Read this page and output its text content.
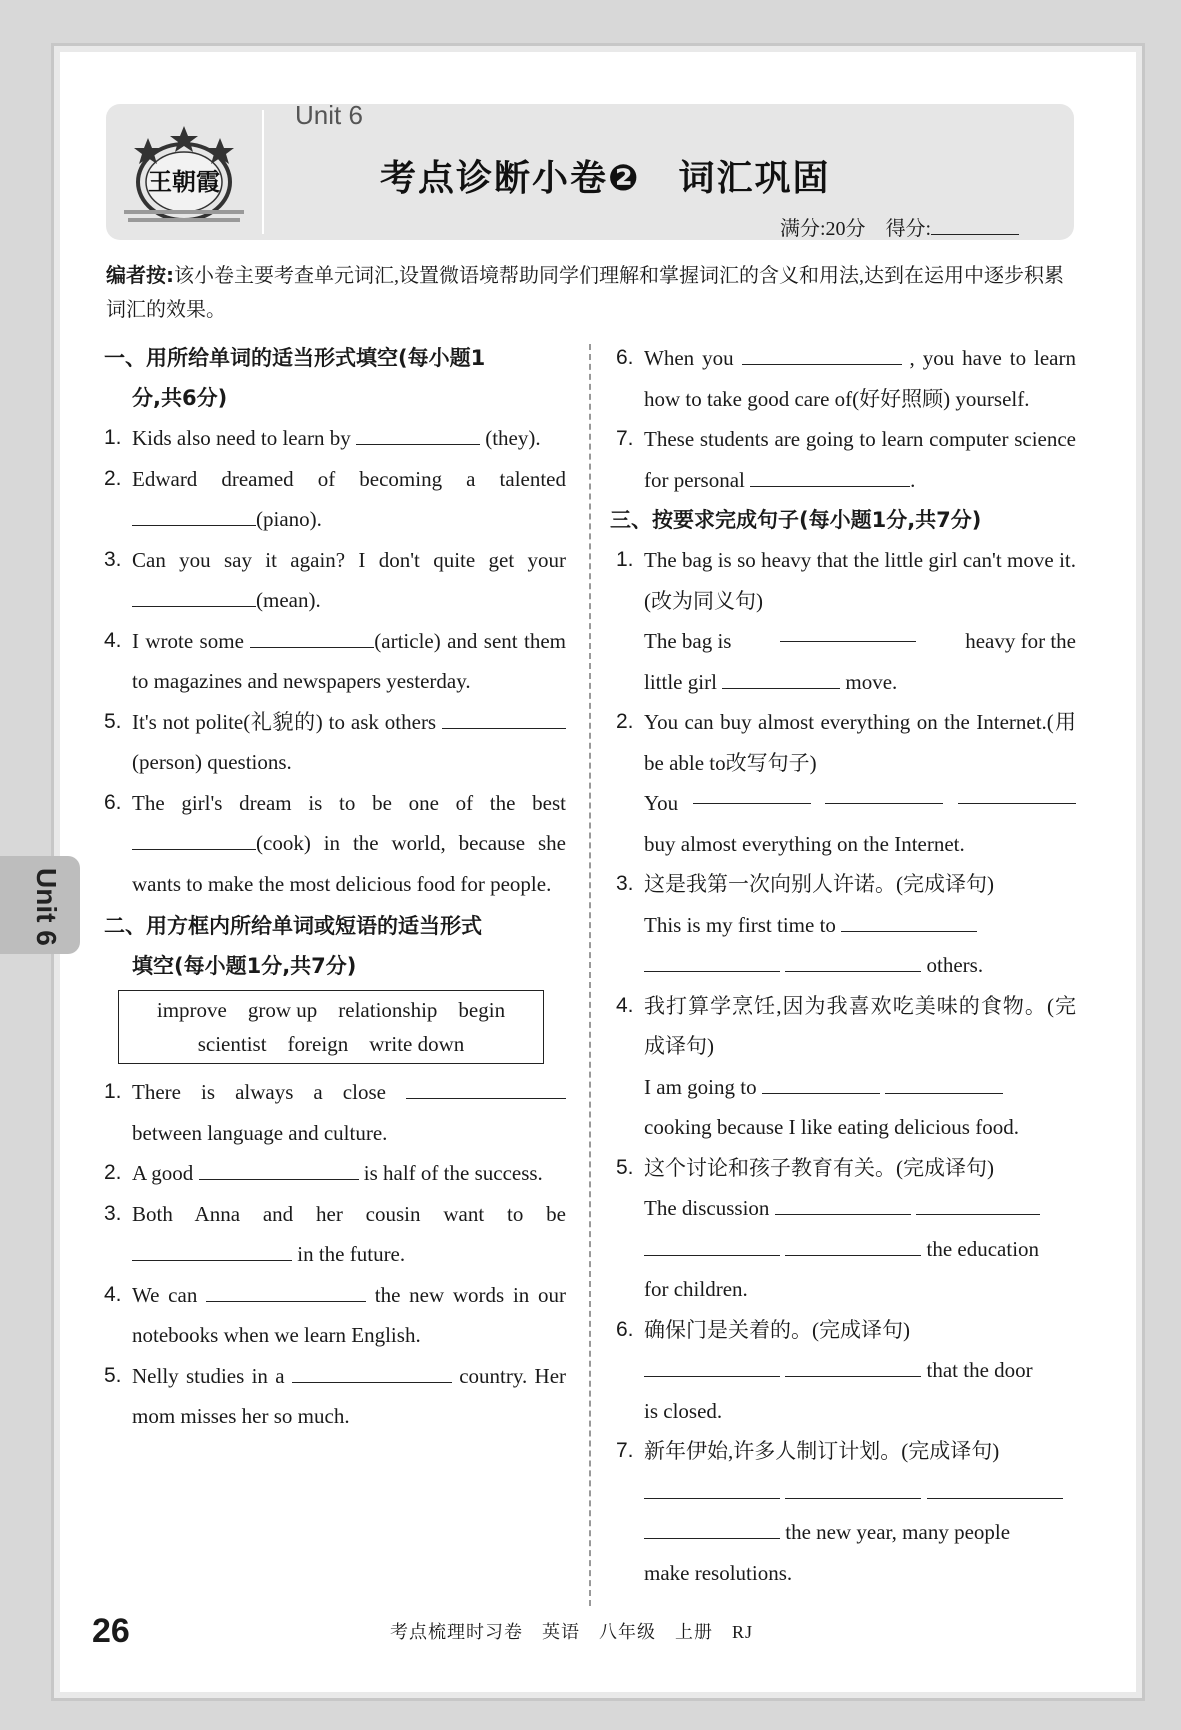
王朝霞
Unit 6
考点诊断小卷❷　词汇巩固
满分:20分　 得分:
编者按:该小卷主要考查单元词汇,设置微语境帮助同学们理解和掌握词汇的含义和用法,达到在运用中逐步积累词汇的效果。
Unit 6
一、用所给单词的适当形式填空(每小题1
分,共6分)
1. Kids also need to learn by	(they).
2. Edward dreamed of becoming a talented (piano).
3. Can you say it again? I don't quite get your (mean).
4. I wrote some	(article) and sent them to magazines and newspapers yesterday.
5. It's not polite(礼貌的) to ask others (person) questions.
6. The girl's dream is to be one of the best (cook) in the world, because she wants to make the most delicious food for people.
二、用方框内所给单词或短语的适当形式
填空(每小题1分,共7分)
improve　grow up　relationship　begin
scientist　foreign　write down
1. There is always a close  between language and culture.
2. A good	is half of the success.
3. Both Anna and her cousin want to be  in the future.
4. We can	the new words in our notebooks when we learn English.
5. Nelly studies in a	country. Her mom misses her so much.
6. When you	, you have to learn how to take good care of(好好照顾) yourself.
7. These students are going to learn computer science for personal	.
三、按要求完成句子(每小题1分,共7分)
1. The bag is so heavy that the little girl can't move it.(改为同义句)

The bag is	heavy for the
little girl	move.
2. You can buy almost everything on the Internet.(用be able to改写句子)

You
buy almost everything on the Internet.
3. 这是我第一次向别人许诺。(完成译句)
This is my first time to
others.
4. 我打算学烹饪,因为我喜欢吃美味的食物。(完成译句)
I am going to
cooking because I like eating delicious food.
5. 这个讨论和孩子教育有关。(完成译句)
The discussion
the education
for children.
6. 确保门是关着的。(完成译句)
that the door
is closed.
7. 新年伊始,许多人制订计划。(完成译句)

the new year, many people
make resolutions.
26	考点梳理时习卷　英语　八年级　上册　RJ
